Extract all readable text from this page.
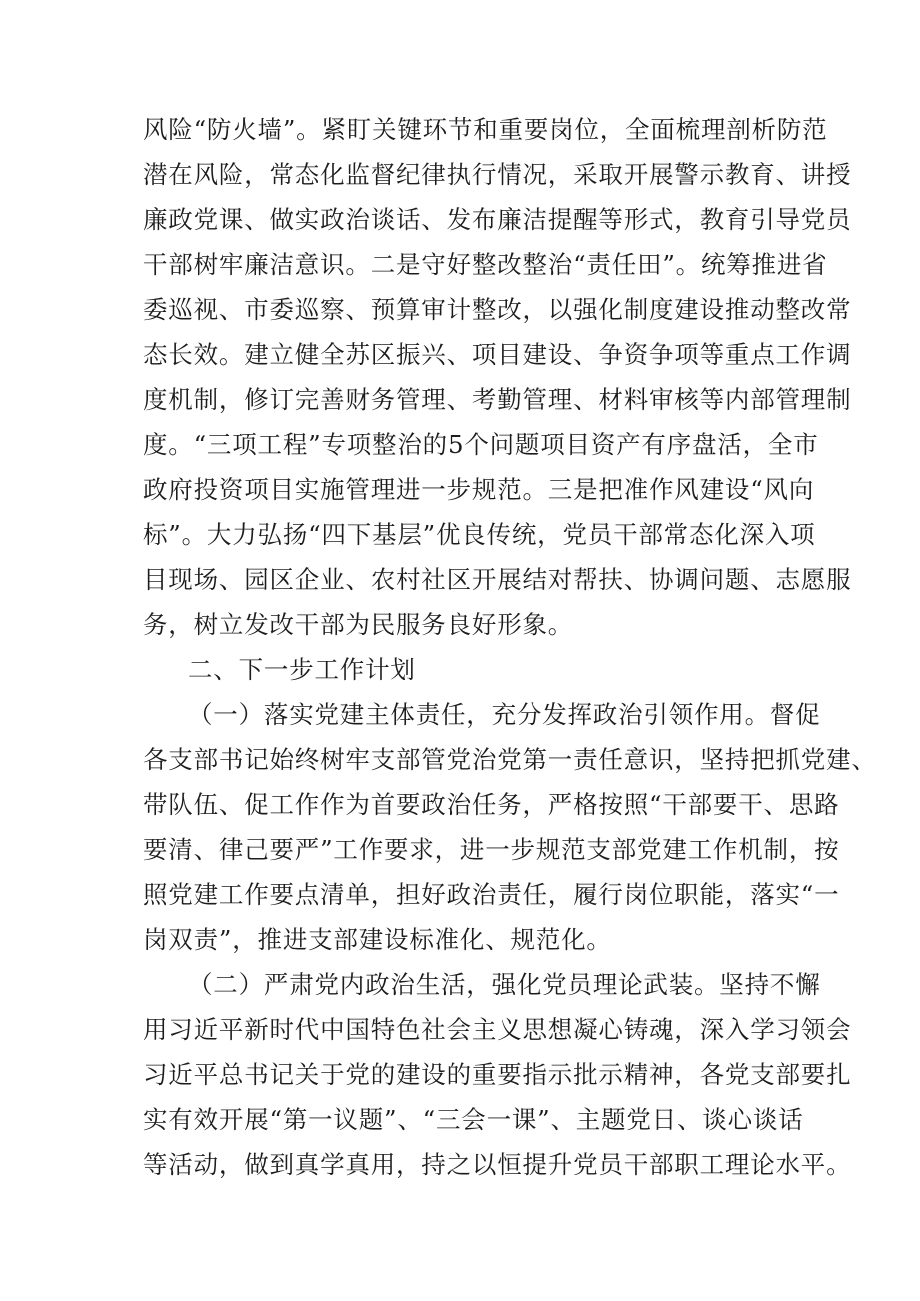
风险“防火墙”。紧盯关键环节和重要岗位，全面梳理剖析防范
潜在风险，常态化监督纪律执行情况，采取开展警示教育、讲授
廉政党课、做实政治谈话、发布廉洁提醒等形式，教育引导党员
干部树牢廉洁意识。二是守好整改整治“责任田”。统筹推进省
委巡视、市委巡察、预算审计整改，以强化制度建设推动整改常
态长效。建立健全苏区振兴、项目建设、争资争项等重点工作调
度机制，修订完善财务管理、考勤管理、材料审核等内部管理制
度。“三项工程”专项整治的5个问题项目资产有序盘活，全市
政府投资项目实施管理进一步规范。三是把准作风建设“风向
标”。大力弘扬“四下基层”优良传统，党员干部常态化深入项
目现场、园区企业、农村社区开展结对帮扶、协调问题、志愿服
务，树立发改干部为民服务良好形象。
二、下一步工作计划
（一）落实党建主体责任，充分发挥政治引领作用。督促
各支部书记始终树牢支部管党治党第一责任意识，坚持把抓党建、
带队伍、促工作作为首要政治任务，严格按照“干部要干、思路
要清、律己要严”工作要求，进一步规范支部党建工作机制，按
照党建工作要点清单，担好政治责任，履行岗位职能，落实“一
岗双责”，推进支部建设标准化、规范化。
（二）严肃党内政治生活，强化党员理论武装。坚持不懈
用习近平新时代中国特色社会主义思想凝心铸魂，深入学习领会
习近平总书记关于党的建设的重要指示批示精神，各党支部要扎
实有效开展“第一议题”、“三会一课”、主题党日、谈心谈话
等活动，做到真学真用，持之以恒提升党员干部职工理论水平。
